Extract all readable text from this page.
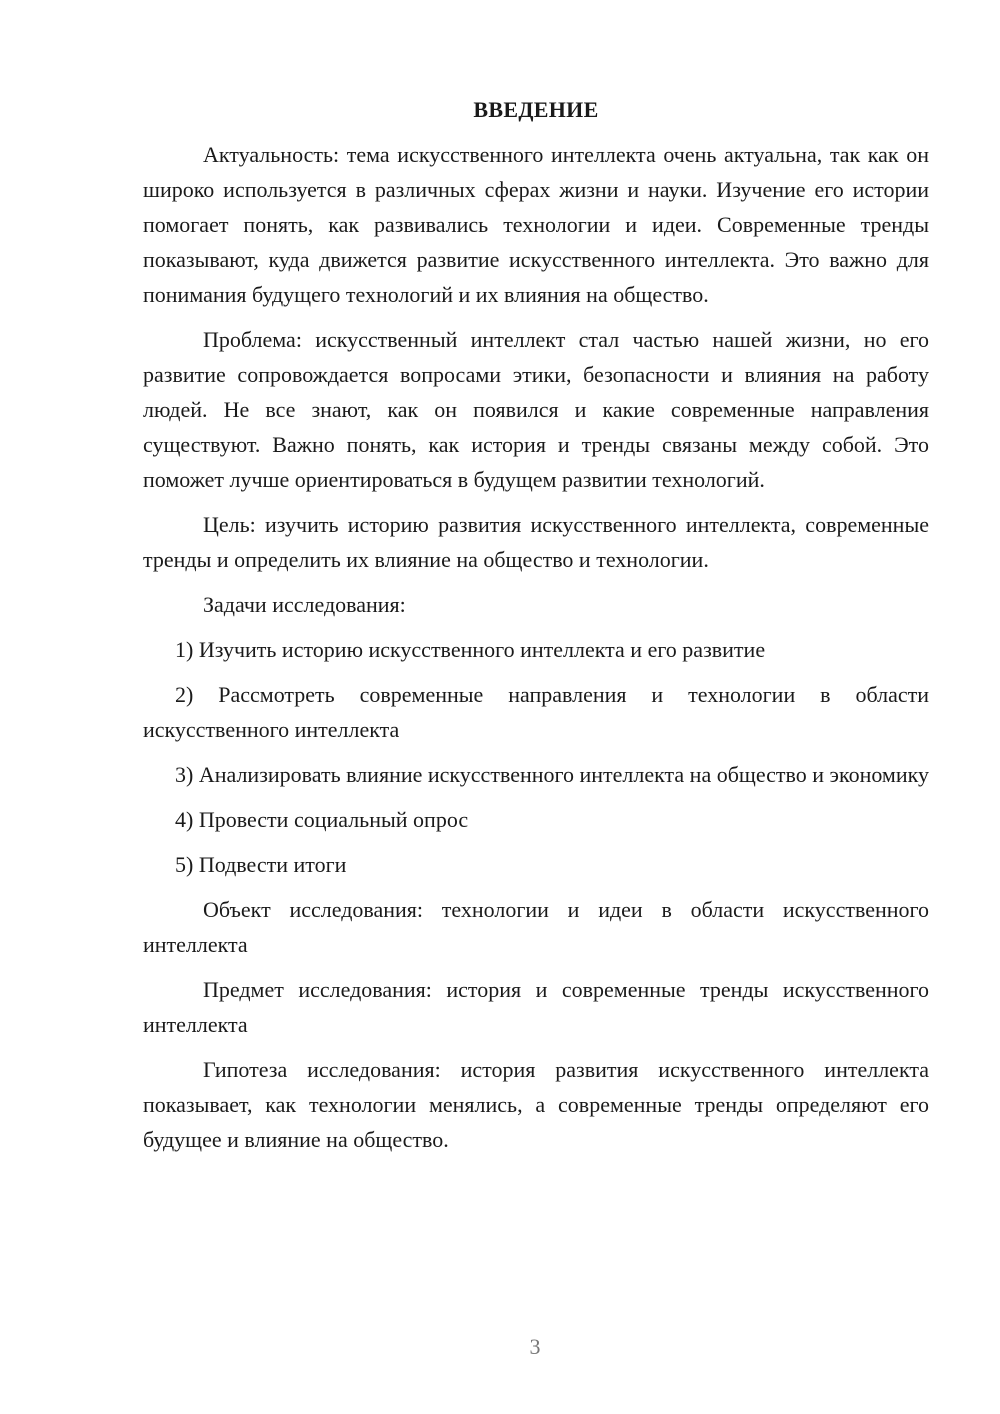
ВВЕДЕНИЕ

Актуальность: тема искусственного интеллекта очень актуальна, так как он широко используется в различных сферах жизни и науки. Изучение его истории помогает понять, как развивались технологии и идеи. Современные тренды показывают, куда движется развитие искусственного интеллекта. Это важно для понимания будущего технологий и их влияния на общество.

Проблема: искусственный интеллект стал частью нашей жизни, но его развитие сопровождается вопросами этики, безопасности и влияния на работу людей. Не все знают, как он появился и какие современные направления существуют. Важно понять, как история и тренды связаны между собой. Это поможет лучше ориентироваться в будущем развитии технологий.

Цель: изучить историю развития искусственного интеллекта, современные тренды и определить их влияние на общество и технологии.

Задачи исследования:

1) Изучить историю искусственного интеллекта и его развитие

2) Рассмотреть современные направления и технологии в области искусственного интеллекта

3) Анализировать влияние искусственного интеллекта на общество и экономику

4) Провести социальный опрос

5) Подвести итоги

Объект исследования: технологии и идеи в области искусственного интеллекта

Предмет исследования: история и современные тренды искусственного интеллекта

Гипотеза исследования: история развития искусственного интеллекта показывает, как технологии менялись, а современные тренды определяют его будущее и влияние на общество.

3
